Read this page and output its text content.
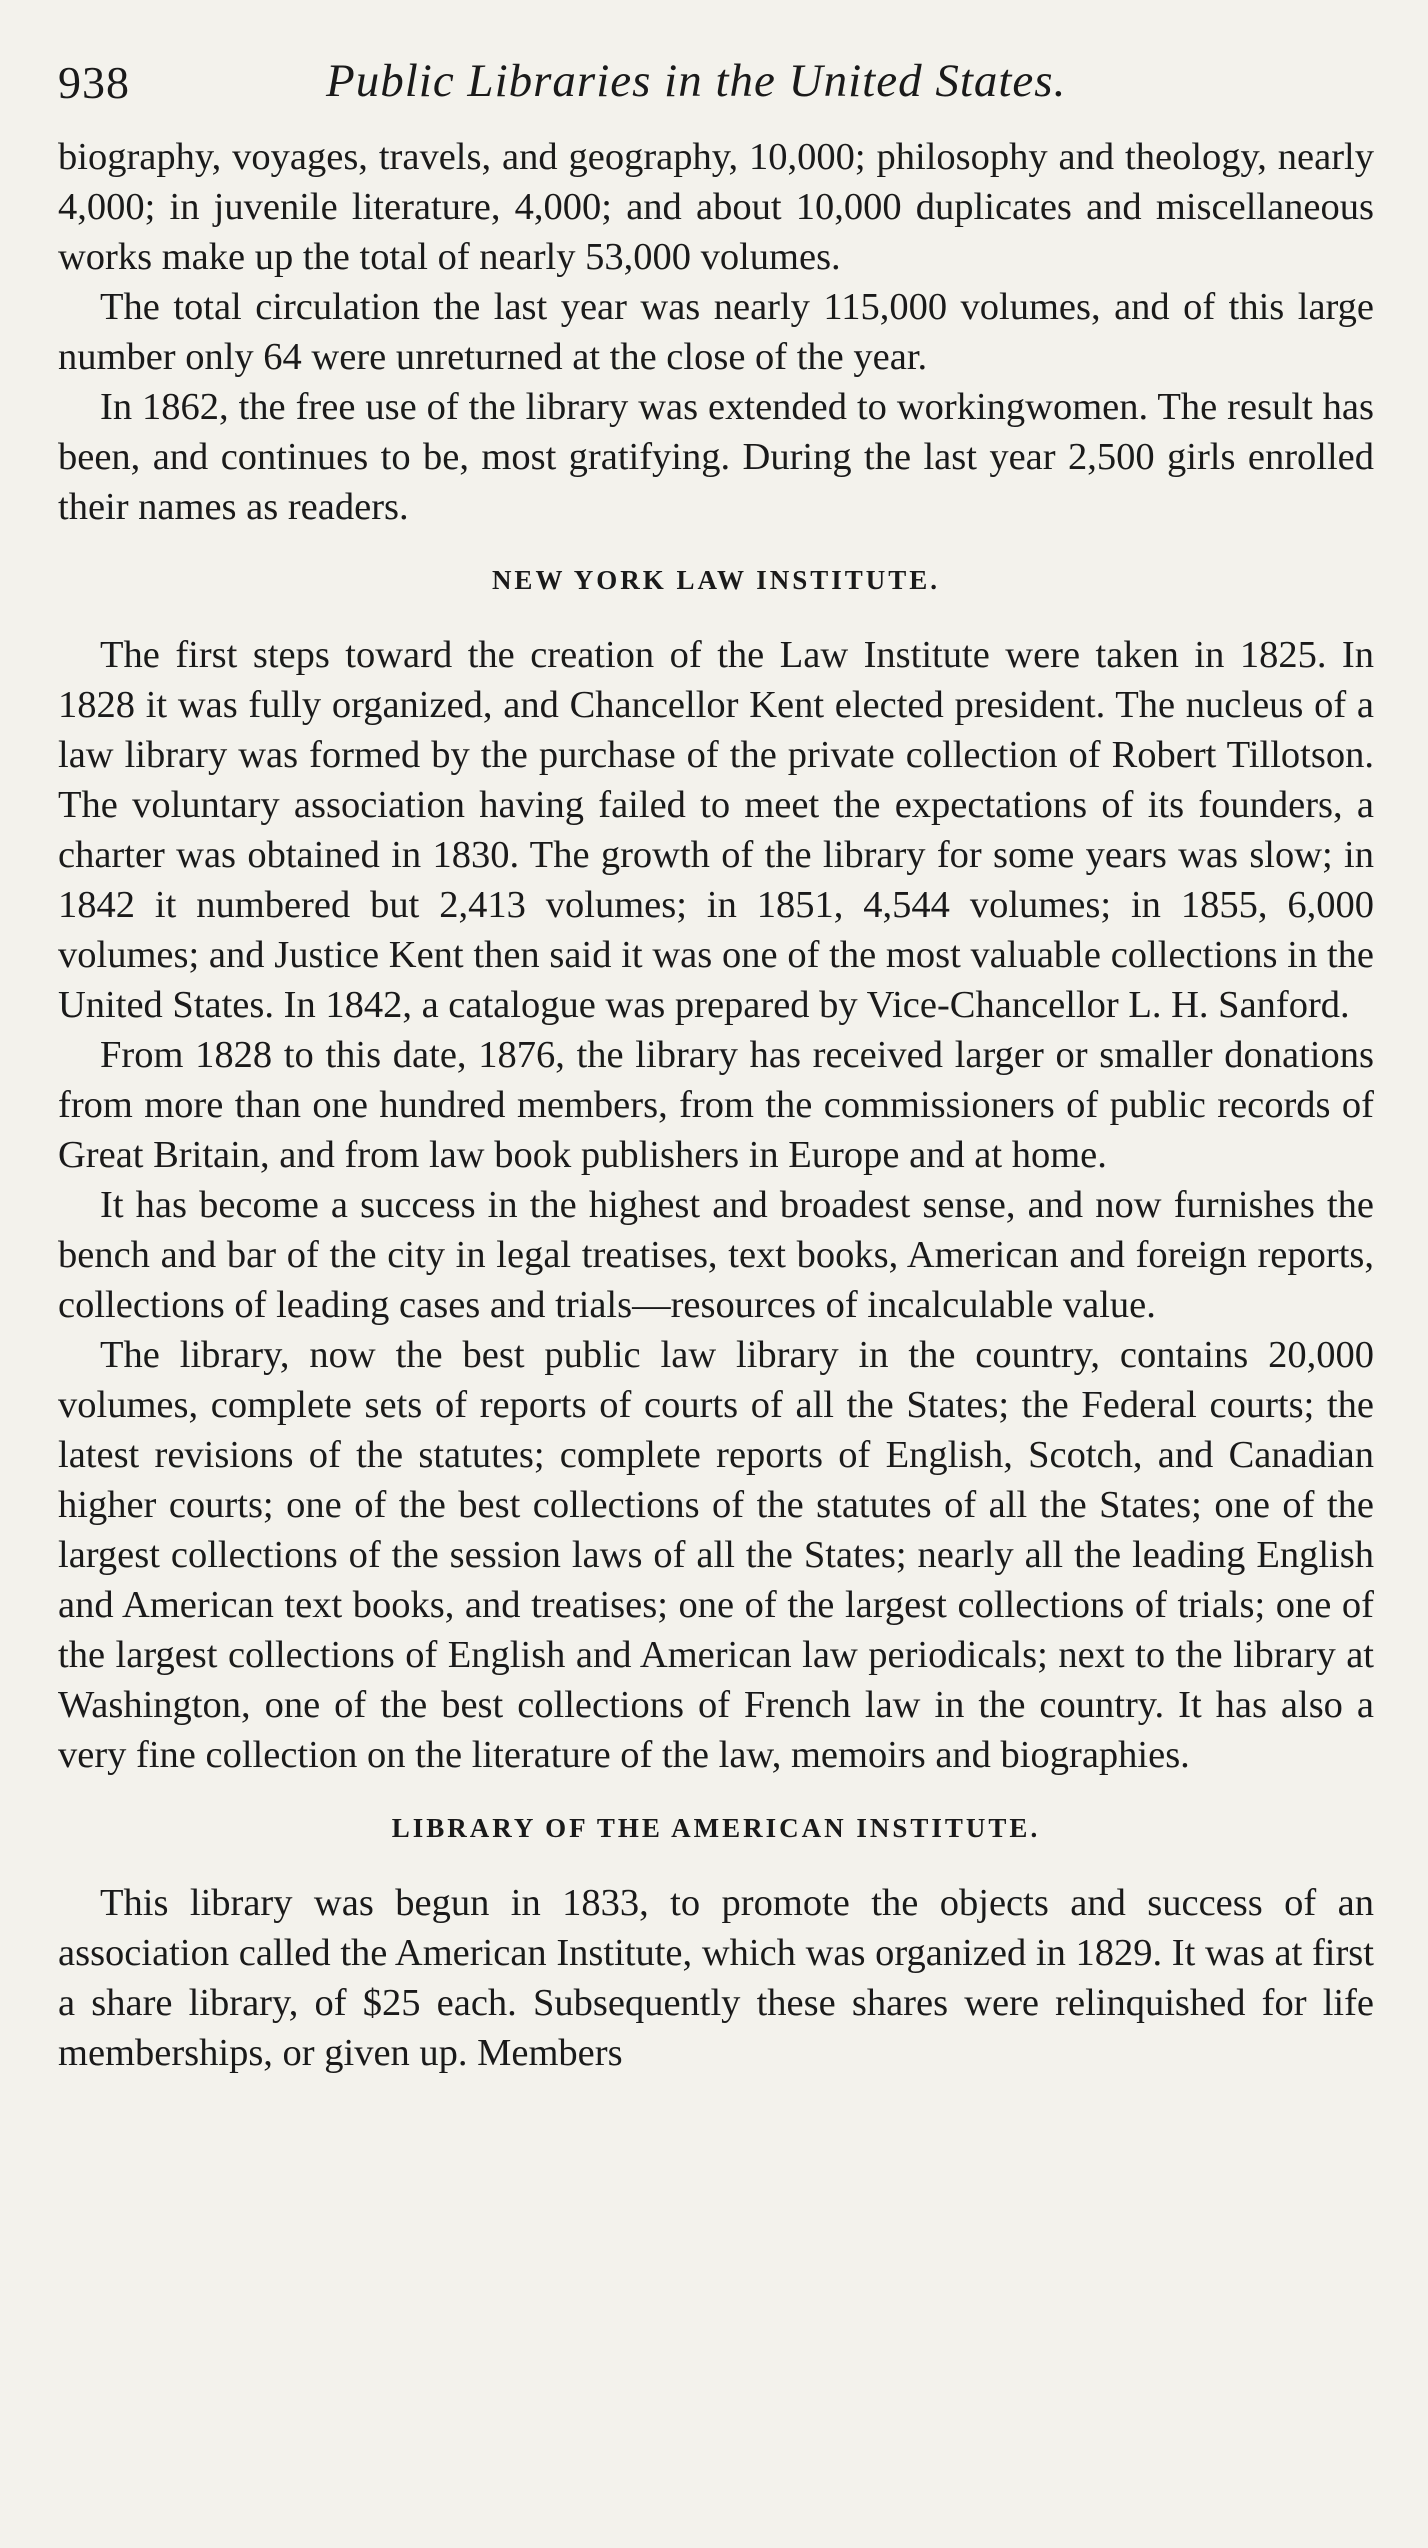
938	Public Libraries in the United States.

biography, voyages, travels, and geography, 10,000; philosophy and theology, nearly 4,000; in juvenile literature, 4,000; and about 10,000 duplicates and miscellaneous works make up the total of nearly 53,000 volumes.

The total circulation the last year was nearly 115,000 volumes, and of this large number only 64 were unreturned at the close of the year.

In 1862, the free use of the library was extended to workingwomen. The result has been, and continues to be, most gratifying. During the last year 2,500 girls enrolled their names as readers.

NEW YORK LAW INSTITUTE.

The first steps toward the creation of the Law Institute were taken in 1825. In 1828 it was fully organized, and Chancellor Kent elected president. The nucleus of a law library was formed by the purchase of the private collection of Robert Tillotson. The voluntary association having failed to meet the expectations of its founders, a charter was obtained in 1830. The growth of the library for some years was slow; in 1842 it numbered but 2,413 volumes; in 1851, 4,544 volumes; in 1855, 6,000 volumes; and Justice Kent then said it was one of the most valuable collections in the United States. In 1842, a catalogue was prepared by Vice-Chancellor L. H. Sanford.

From 1828 to this date, 1876, the library has received larger or smaller donations from more than one hundred members, from the commissioners of public records of Great Britain, and from law book publishers in Europe and at home.

It has become a success in the highest and broadest sense, and now furnishes the bench and bar of the city in legal treatises, text books, American and foreign reports, collections of leading cases and trials—resources of incalculable value.

The library, now the best public law library in the country, contains 20,000 volumes, complete sets of reports of courts of all the States; the Federal courts; the latest revisions of the statutes; complete reports of English, Scotch, and Canadian higher courts; one of the best collections of the statutes of all the States; one of the largest collections of the session laws of all the States; nearly all the leading English and American text books, and treatises; one of the largest collections of trials; one of the largest collections of English and American law periodicals; next to the library at Washington, one of the best collections of French law in the country. It has also a very fine collection on the literature of the law, memoirs and biographies.

LIBRARY OF THE AMERICAN INSTITUTE.

This library was begun in 1833, to promote the objects and success of an association called the American Institute, which was organized in 1829. It was at first a share library, of $25 each. Subsequently these shares were relinquished for life memberships, or given up. Members
